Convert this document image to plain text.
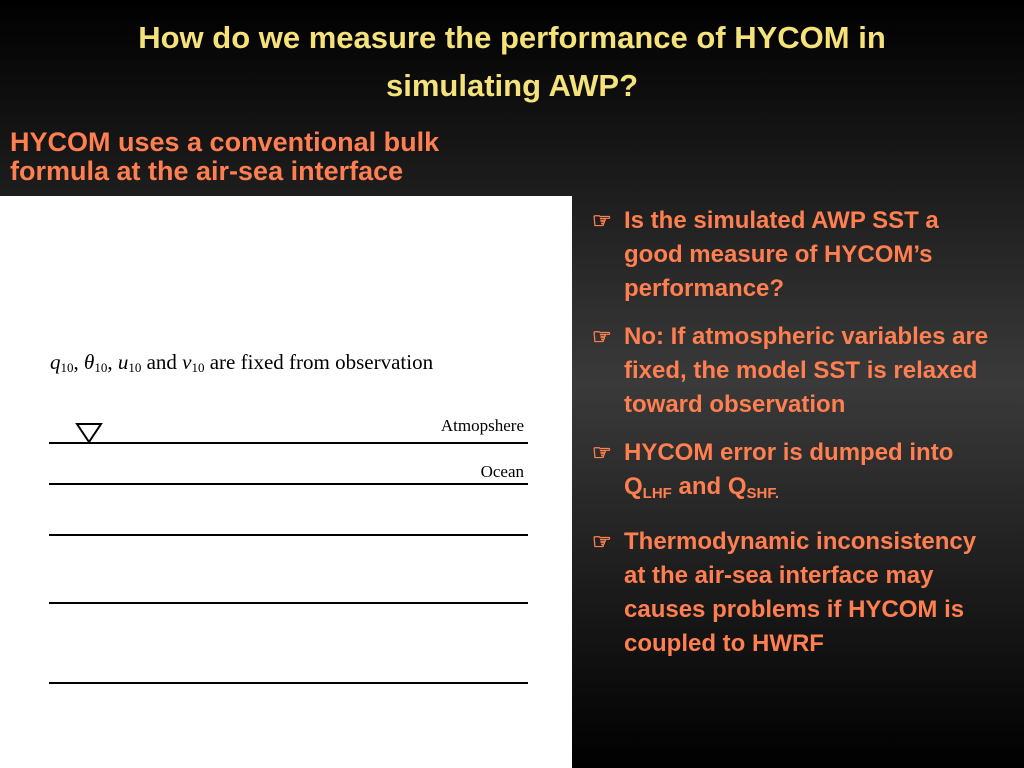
How do we measure the performance of HYCOM in
simulating AWP?
HYCOM uses a conventional bulk
formula at the air-sea interface
$q_{10}$, $\theta_{10}$, $u_{10}$ and $v_{10}$ are fixed from observation
Atmopshere
Ocean
☞ Is the simulated AWP SST a good measure of HYCOM’s performance?
☞ No: If atmospheric variables are fixed, the model SST is relaxed toward observation
☞ HYCOM error is dumped into $Q_{LHF}$ and $Q_{SHF.}$
☞ Thermodynamic inconsistency at the air-sea interface may causes problems if HYCOM is coupled to HWRF
